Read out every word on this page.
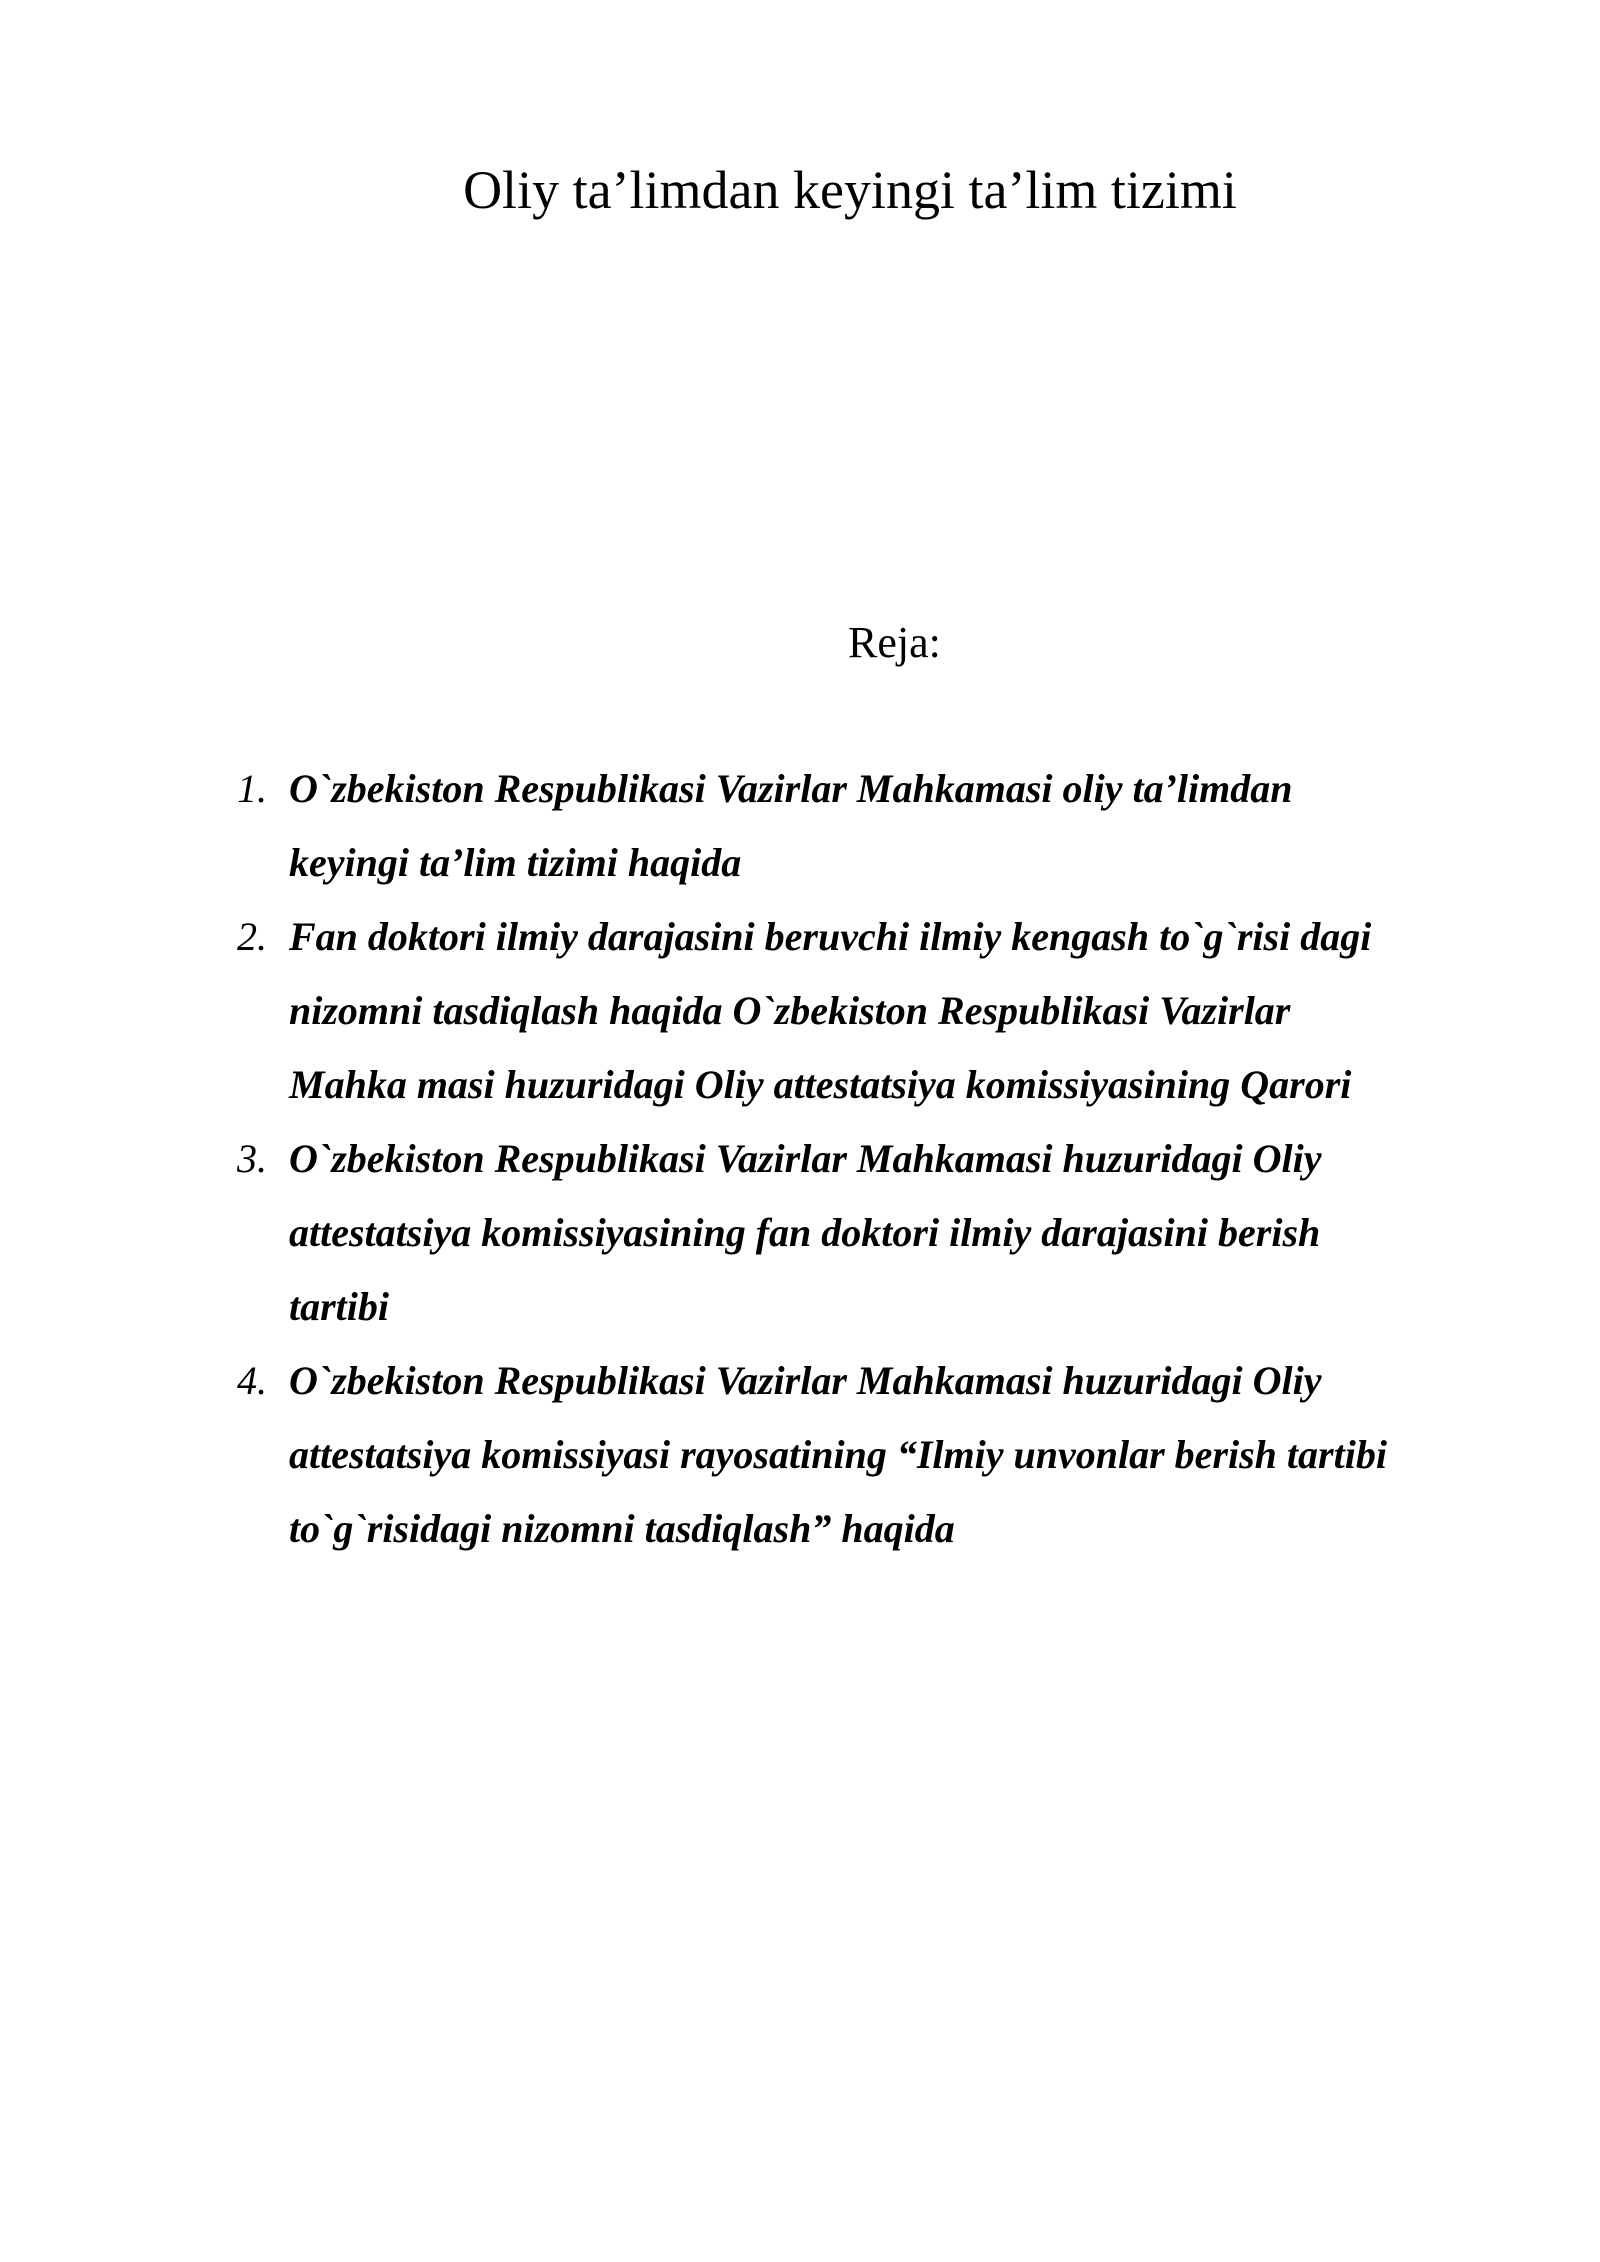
Oliy ta’limdan keyingi ta’lim tizimi

Reja:

1. O`zbekiston Respublikasi Vazirlar Mahkamasi oliy ta’limdan
keyingi ta’lim tizimi haqida
2. Fan doktori ilmiy darajasini beruvchi ilmiy kengash to`g`risi dagi
nizomni tasdiqlash haqida O`zbekiston Respublikasi Vazirlar
Mahka masi huzuridagi Oliy attestatsiya komissiyasining Qarori
3. O`zbekiston Respublikasi Vazirlar Mahkamasi huzuridagi Oliy
attestatsiya komissiyasining fan doktori ilmiy darajasini berish
tartibi
4. O`zbekiston Respublikasi Vazirlar Mahkamasi huzuridagi Oliy
attestatsiya komissiyasi rayosatining “Ilmiy unvonlar berish tartibi
to`g`risidagi nizomni tasdiqlash” haqida
